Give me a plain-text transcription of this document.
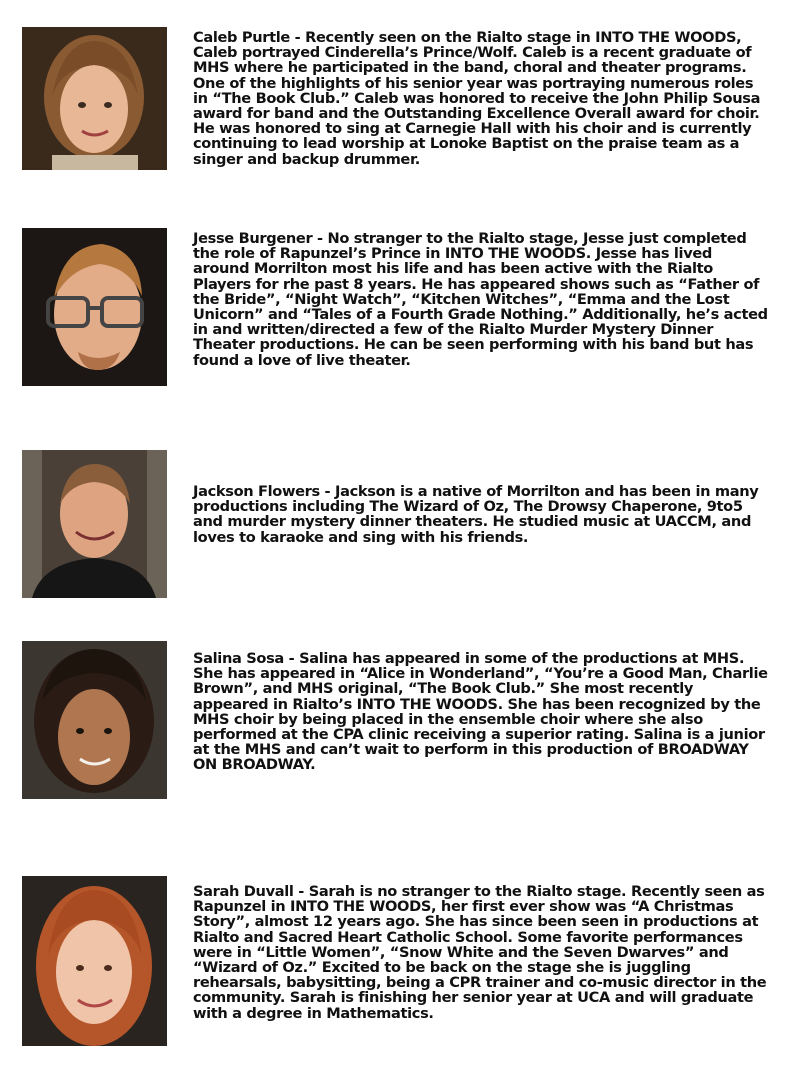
Caleb Purtle - Recently seen on the Rialto stage in INTO THE WOODS, Caleb portrayed Cinderella’s Prince/Wolf. Caleb is a recent graduate of MHS where he participated in the band, choral and theater programs. One of the highlights of his senior year was portraying numerous roles in “The Book Club.” Caleb was honored to receive the John Philip Sousa award for band and the Outstanding Excellence Overall award for choir. He was honored to sing at Carnegie Hall with his choir and is currently continuing to lead worship at Lonoke Baptist on the praise team as a singer and backup drummer.

Jesse Burgener - No stranger to the Rialto stage, Jesse just completed the role of Rapunzel’s Prince in INTO THE WOODS. Jesse has lived around Morrilton most his life and has been active with the Rialto Players for rhe past 8 years. He has appeared shows such as “Father of the Bride”, “Night Watch”, “Kitchen Witches”, “Emma and the Lost Unicorn” and “Tales of a Fourth Grade Nothing.” Additionally, he’s acted in and written/directed a few of the Rialto Murder Mystery Dinner Theater productions. He can be seen performing with his band but has found a love of live theater.

Jackson Flowers - Jackson is a native of Morrilton and has been in many productions including The Wizard of Oz, The Drowsy Chaperone, 9to5 and murder mystery dinner theaters. He studied music at UACCM, and loves to karaoke and sing with his friends.

Salina Sosa - Salina has appeared in some of the productions at MHS. She has appeared in “Alice in Wonderland”, “You’re a Good Man, Charlie Brown”, and MHS original, “The Book Club.” She most recently appeared in Rialto’s INTO THE WOODS. She has been recognized by the MHS choir by being placed in the ensemble choir where she also performed at the CPA clinic receiving a superior rating. Salina is a junior at the MHS and can’t wait to perform in this production of BROADWAY ON BROADWAY.

Sarah Duvall - Sarah is no stranger to the Rialto stage. Recently seen as Rapunzel in INTO THE WOODS, her first ever show was “A Christmas Story”, almost 12 years ago. She has since been seen in productions at Rialto and Sacred Heart Catholic School. Some favorite performances were in “Little Women”, “Snow White and the Seven Dwarves” and “Wizard of Oz.” Excited to be back on the stage she is juggling rehearsals, babysitting, being a CPR trainer and co-music director in the community. Sarah is finishing her senior year at UCA and will graduate with a degree in Mathematics.
